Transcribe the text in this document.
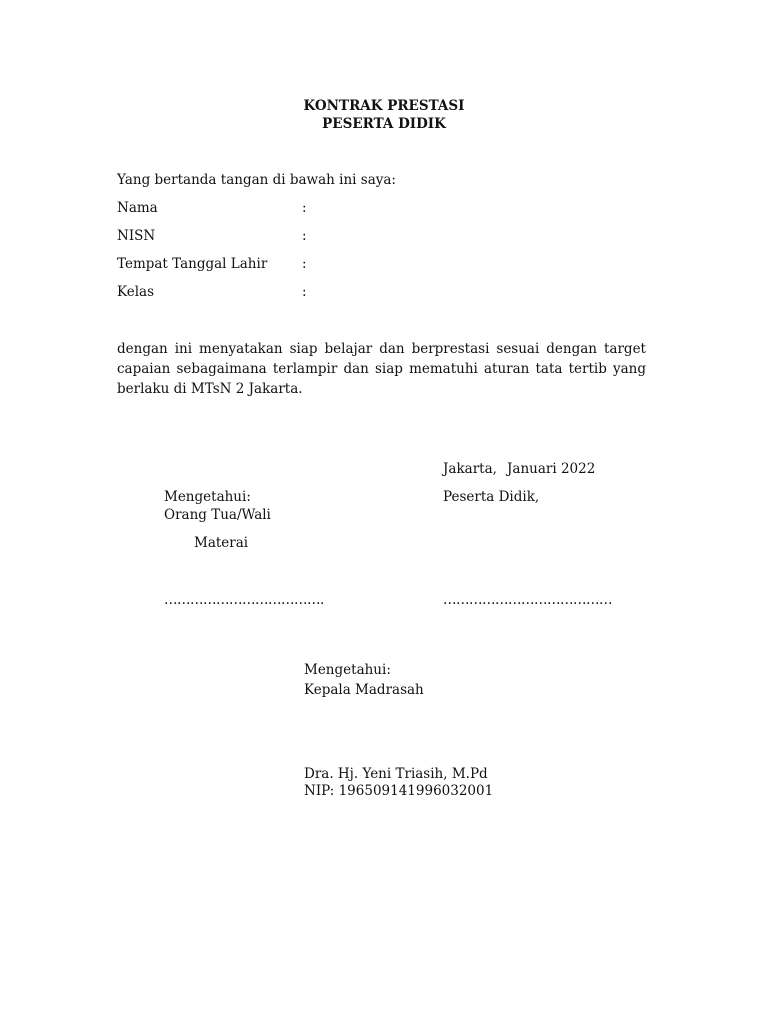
KONTRAK PRESTASI
PESERTA DIDIK
Yang bertanda tangan di bawah ini saya:
Nama	:
NISN	:
Tempat Tanggal Lahir	:
Kelas	:
dengan ini menyatakan siap belajar dan berprestasi sesuai dengan target capaian sebagaimana terlampir dan siap mematuhi aturan tata tertib yang berlaku di MTsN 2 Jakarta.
Jakarta, Januari 2022
Mengetahui:
Orang Tua/Wali
Materai
……………………………….
Peserta Didik,
…………………………………
Mengetahui:
Kepala Madrasah
Dra. Hj. Yeni Triasih, M.Pd
NIP: 196509141996032001
